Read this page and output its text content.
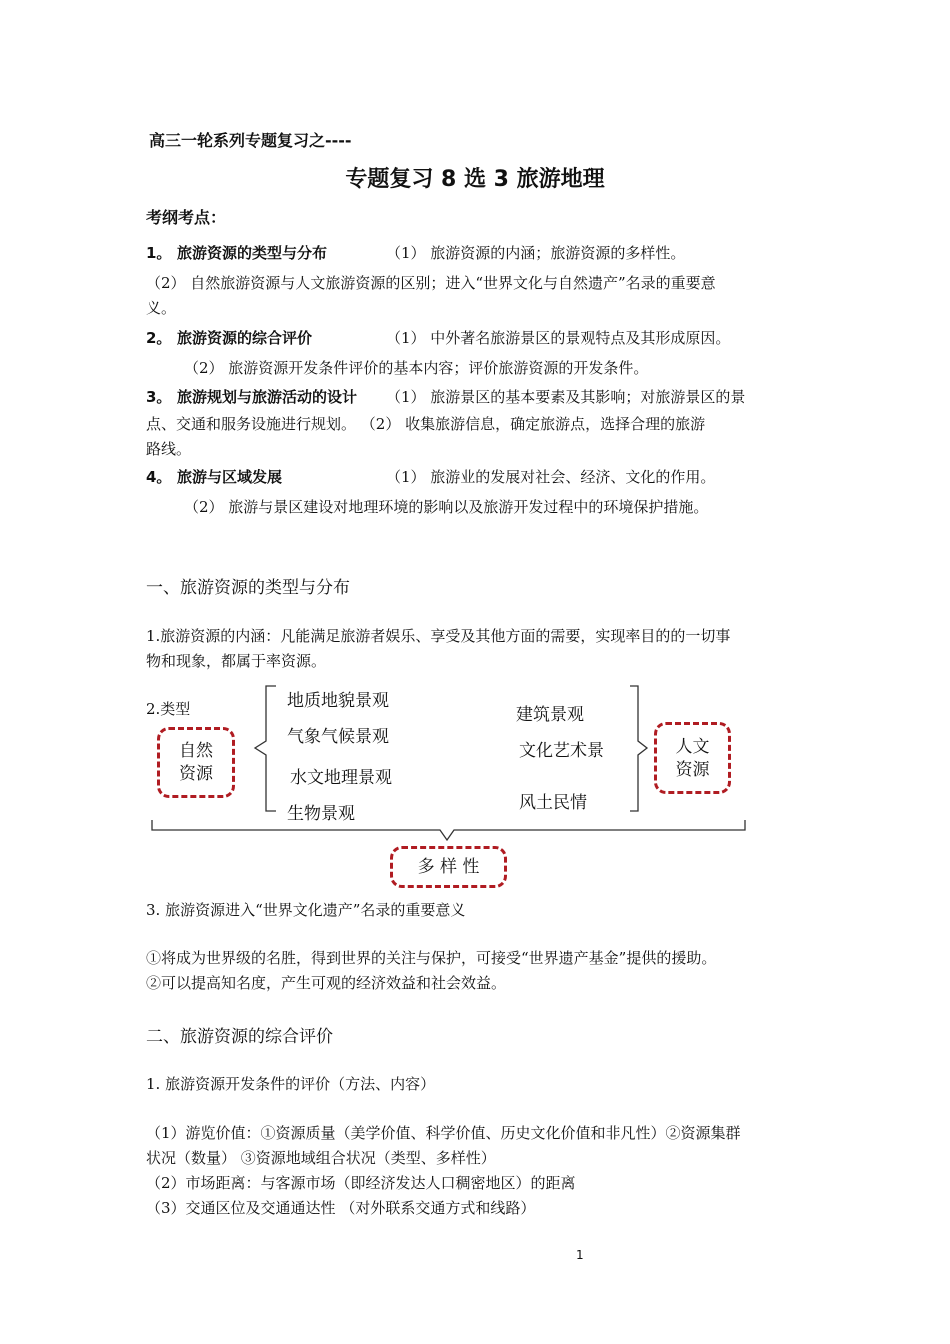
高三一轮系列专题复习之----
专题复习 8 选 3 旅游地理
考纲考点：
1。 旅游资源的类型与分布	（1） 旅游资源的内涵；旅游资源的多样性。
（2） 自然旅游资源与人文旅游资源的区别；进入“世界文化与自然遗产”名录的重要意
义。
2。 旅游资源的综合评价	（1） 中外著名旅游景区的景观特点及其形成原因。
（2） 旅游资源开发条件评价的基本内容；评价旅游资源的开发条件。
3。 旅游规划与旅游活动的设计 （1） 旅游景区的基本要素及其影响；对旅游景区的景
点、交通和服务设施进行规划。 （2） 收集旅游信息，确定旅游点，选择合理的旅游
路线。
4。 旅游与区域发展	（1） 旅游业的发展对社会、经济、文化的作用。
（2） 旅游与景区建设对地理环境的影响以及旅游开发过程中的环境保护措施。
一、旅游资源的类型与分布
1.旅游资源的内涵：凡能满足旅游者娱乐、享受及其他方面的需要，实现率目的的一切事
物和现象，都属于率资源。
2.类型
自然
资源
地质地貌景观
气象气候景观
水文地理景观
生物景观
建筑景观
文化艺术景
风土民情
人文
资源
多 样 性
3. 旅游资源进入“世界文化遗产”名录的重要意义
①将成为世界级的名胜，得到世界的关注与保护，可接受“世界遗产基金”提供的援助。
②可以提高知名度，产生可观的经济效益和社会效益。
二、旅游资源的综合评价
1. 旅游资源开发条件的评价（方法、内容）
（1）游览价值：①资源质量（美学价值、科学价值、历史文化价值和非凡性）②资源集群
状况（数量） ③资源地域组合状况（类型、多样性）
（2）市场距离：与客源市场（即经济发达人口稠密地区）的距离
（3）交通区位及交通通达性 （对外联系交通方式和线路）
1
